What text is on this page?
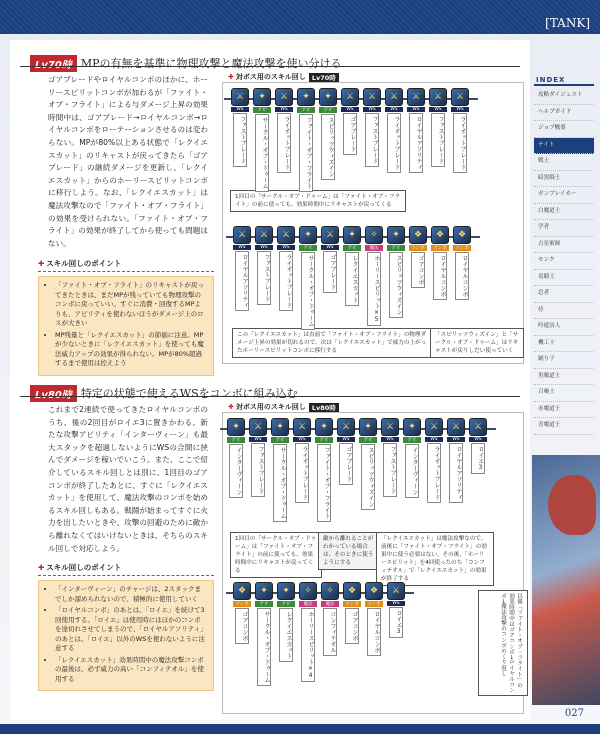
[TANK]
Lv70時 MPの有無を基準に物理攻撃と魔法攻撃を使い分ける
ゴアブレードやロイヤルコンボのほかに、ホーリースピリットコンボが加わるが「ファイト・オブ・フライト」による与ダメージ上昇の効果時間中は、ゴアブレード→ロイヤルコンボ→ロイヤルコンボをローテーションさせるのは変わらない。MPが80%以上ある状態で「レクイエスカット」のリキャストが戻ってきたら「ゴアブレード」の継続ダメージを更新し、「レクイエスカット」からのホーリースピリットコンボに移行しよう。なお、「レクイエスカット」は魔法攻撃なので「ファイト・オブ・フライト」の効果を受けられない。「ファイト・オブ・フライト」の効果が終了してから使っても問題はない。
✚ スキル回しのポイント
• 「ファイト・オブ・フライト」のリキャストが戻ってきたときは、まだMPが残っていても物理攻撃のコンボに戻っていい。すぐに消費・回復するMPよりも、アビリティを使わないほうがダメージ上のロスが大きい
• MP残量と「レクイエスカット」の節価に注意。MPが少ないときに「レクイエスカット」を使っても魔法威力アップの効果が得られない。MPが80%超過するまで使用は控えよう
✚ 対ボス用のスキル回し Lv70時
⚔
WS
ファストブレード
✦
アビ
サークル・オブ・ドゥーム
⚔
WS
ライオットブレード
✦
アビ
ファイト・オブ・フライト
✦
アビ
スピリッツウィズイン
⚔
WS
ゴアブレード
⚔
WS
ファストブレード
⚔
WS
ライオットブレード
⚔
WS
ロイヤルアソリティ
⚔
WS
ファストブレード
⚔
WS
ライオットブレード
1回目の「サークル・オブ・ドゥーム」は「ファイト・オブ・フライト」の前に使っても、効果時間中にリキャストが戻ってくる
⚔
WS
ロイヤルアソリティ
⚔
WS
ファストブレード
⚔
WS
ライオットブレード
✦
アビ
サークル・オブ・ドゥーム
⚔
WS
ゴアブレード
✦
アビ
レクイエスカット
✧
魔法
ホーリースピリット×5
✦
アビ
スピリッツウィズイン
❖
コンボ
ゴアコンボ
❖
コンボ
ロイヤルコンボ
❖
コンボ
ロイヤルコンボ
この「レクイエスカット」は直前で「ファイト・オブ・フライト」の物理ダメージ上昇の効果が切れるので、次は「レクイエスカット」で威力の上がったホーリースピリットコンボに移行する
「スピリッツウィズイン」と「サークル・オブ・ドゥーム」はリキャストが戻りしだい使っていく
Lv80時 特定の状態で使えるWSをコンボに組み込む
これまで2連続で使ってきたロイヤルコンボのうち、後の2回目がロイエ3に置きかわる。新たな攻撃アビリティ「インターヴィーン」も最大スタックを超過しないようにWSの合間に挟んでダメージを稼いでいこう。また、ここで紹介しているスキル回しとは別に、1回目のゴアコンボが終了したあとに、すぐに「レクイエスカット」を使用して、魔法攻撃のコンボを始めるスキル回しもある。戦闘が始まってすぐに火力を出したいときや、攻撃の回避のために敵から離れなくてはいけないときは、そちらのスキル回しで対応しよう。
✚ スキル回しのポイント
• 「インターヴィーン」のチャージは、2スタックまでしか溜められないので、積極的に使用していく
• 「ロイヤルコンボ」のあとは、「ロイエ」を続けて3回使用する。「ロイエ」は使用時にはほかのコンボを途切れさせてしまうので、「ロイヤルアソリティ」のあとは、「ロイエ」以外のWSを使わないように注意する
• 「レクイエスカット」効果時間中の魔法攻撃コンボの最後は、必ず威力の高い「コンフィテオル」を使用する
✚ 対ボス用のスキル回し Lv80時
✦
アビ
インターヴィーン
⚔
WS
ファストブレード
✦
アビ
サークル・オブ・ドゥーム
⚔
WS
ライオットブレード
✦
アビ
ファイト・オブ・フライト
⚔
WS
ゴアブレード
✦
アビ
スピリッツウィズイン
⚔
WS
ファストブレード
✦
アビ
インターヴィーン
⚔
WS
ライオットブレード
⚔
WS
ロイヤルアソリティ
⚔
WS
ロイエ3
1回目の「サークル・オブ・ドゥーム」は「ファイト・オブ・フライト」の前に使っても、効果時間中にリキャストが戻ってくる
敵から離れることがわかっている場合は、そのときに使うようにする
「レクイエスカット」は魔法攻撃なので、前後に「ファイト・オブ・フライト」の効果中に使う必要はない。その後、「ホーリースピリット」を4回使ったのち「コンフィテオル」で「レクイエスカット」の効果が終了する
❖
コンボ
ゴアコンボ
✦
アビ
サークル・オブ・ドゥーム
✦
アビ
レクイエスカット
✧
魔法
ホーリースピリット×4
✧
魔法
コンフィテオル
❖
コンボ
ゴアコンボ
❖
コンボ
ロイヤルコンボ
⚔
WS
ロイエ3	以後「ファイト・オブ・フライト」の効果時間中はゴアコンボ→ロイヤルコンボ→魔法攻撃のコンボのくり返し
INDEX
攻略ダイジェスト
ヘルプガイド
ジョブ概要
ナイト
戦士
暗黒騎士
ガンブレイカー
白魔道士
学者
占星術師
モンク
竜騎士
忍者
侍
吟遊詩人
機工士
踊り子
黒魔道士
召喚士
赤魔道士
青魔道士
027
